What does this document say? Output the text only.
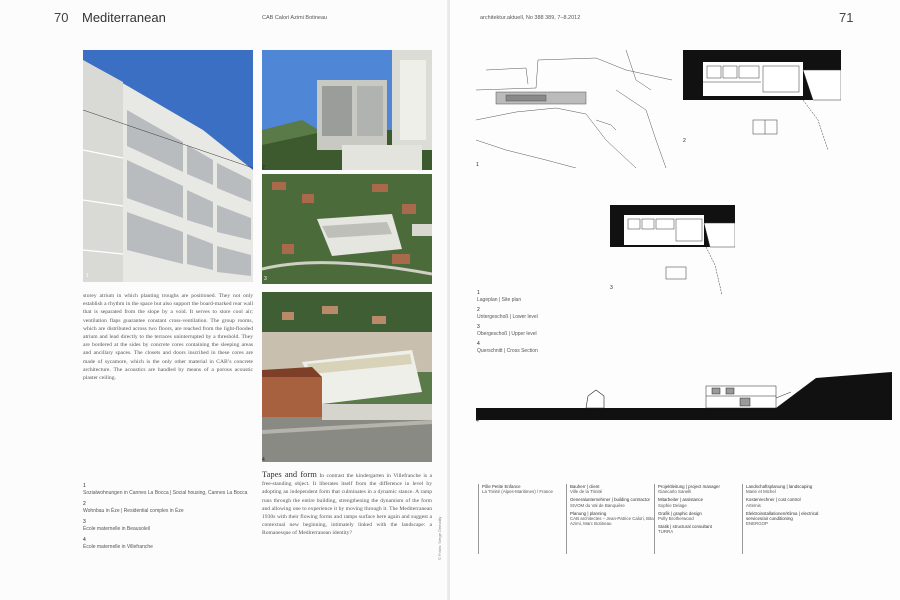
70 Mediterranean	CAB Calori Azimi Botineau
1
2
3
4
storey atrium in which planting troughs are positioned. They not only establish a rhythm in the space but also support the board-marked rear wall that is separated from the slope by a void. It serves to store cool air; ventilation flaps guarantee constant cross-ventilation. The group rooms, which are distributed across two floors, are reached from the light-flooded atrium and lead directly to the terraces uninterrupted by a threshold. They are bordered at the sides by concrete cores containing the sleeping areas and ancillary spaces. The closets and doors inscribed in these cores are made of sycamore, which is the only other material in CAB’s concrete architecture. The acoustics are handled by means of a porous acoustic plaster ceiling.
Tapes and form In contrast the kindergarten in Villefranche is a free-standing object. It liberates itself from the difference in level by adopting an independent form that culminates in a dynamic stance. A ramp runs through the entire building, strengthening the dynamism of the form and allowing one to experience it by moving through it. The Mediterranean 1930s with their flowing forms and ramps surface here again and suggest a contextual new beginning, intimately linked with the landscape: a Romanesque of Mediterranean identity?
1
Sozialwohnungen in Cannes La Bocca | Social housing, Cannes La Bocca
2
Wohnbau in Èze | Residential complex in Èze
3
École maternelle in Beausoleil
4
École maternelle in Villefranche	© Fotos: Serge Demailly
architektur.aktuell, No 388 389, 7–8.2012	71
1
2
3
1
Lageplan | Site plan
2
Untergeschoß | Lower level
3
Obergeschoß | Upper level
4
Querschnitt | Cross Section
4
Pôle Petite Enfance
La Trinité (Alpes-Maritimes) / France
Bauherr | client
Ville de la Trinité
Generalunternehmer | building contractor
SIVOM du Val de Banquière
Planung | planning
CAB architectes – Jean-Patrice Calori, Bita Azimi, Marc Botineau
Projektleitung | project manager
Giancarlo Sanelli
Mitarbeiter | assistance
Sophie Delage
Grafik | graphic design
Polly Brotherwood
Statik | structural consultant
TURRA
Landschaftsplanung | landscaping
Marie et Michel
Kostenrechner | cost control
Artemis
Elektroinstallationen/Klima | electrical services/air conditioning
ENERGOP
